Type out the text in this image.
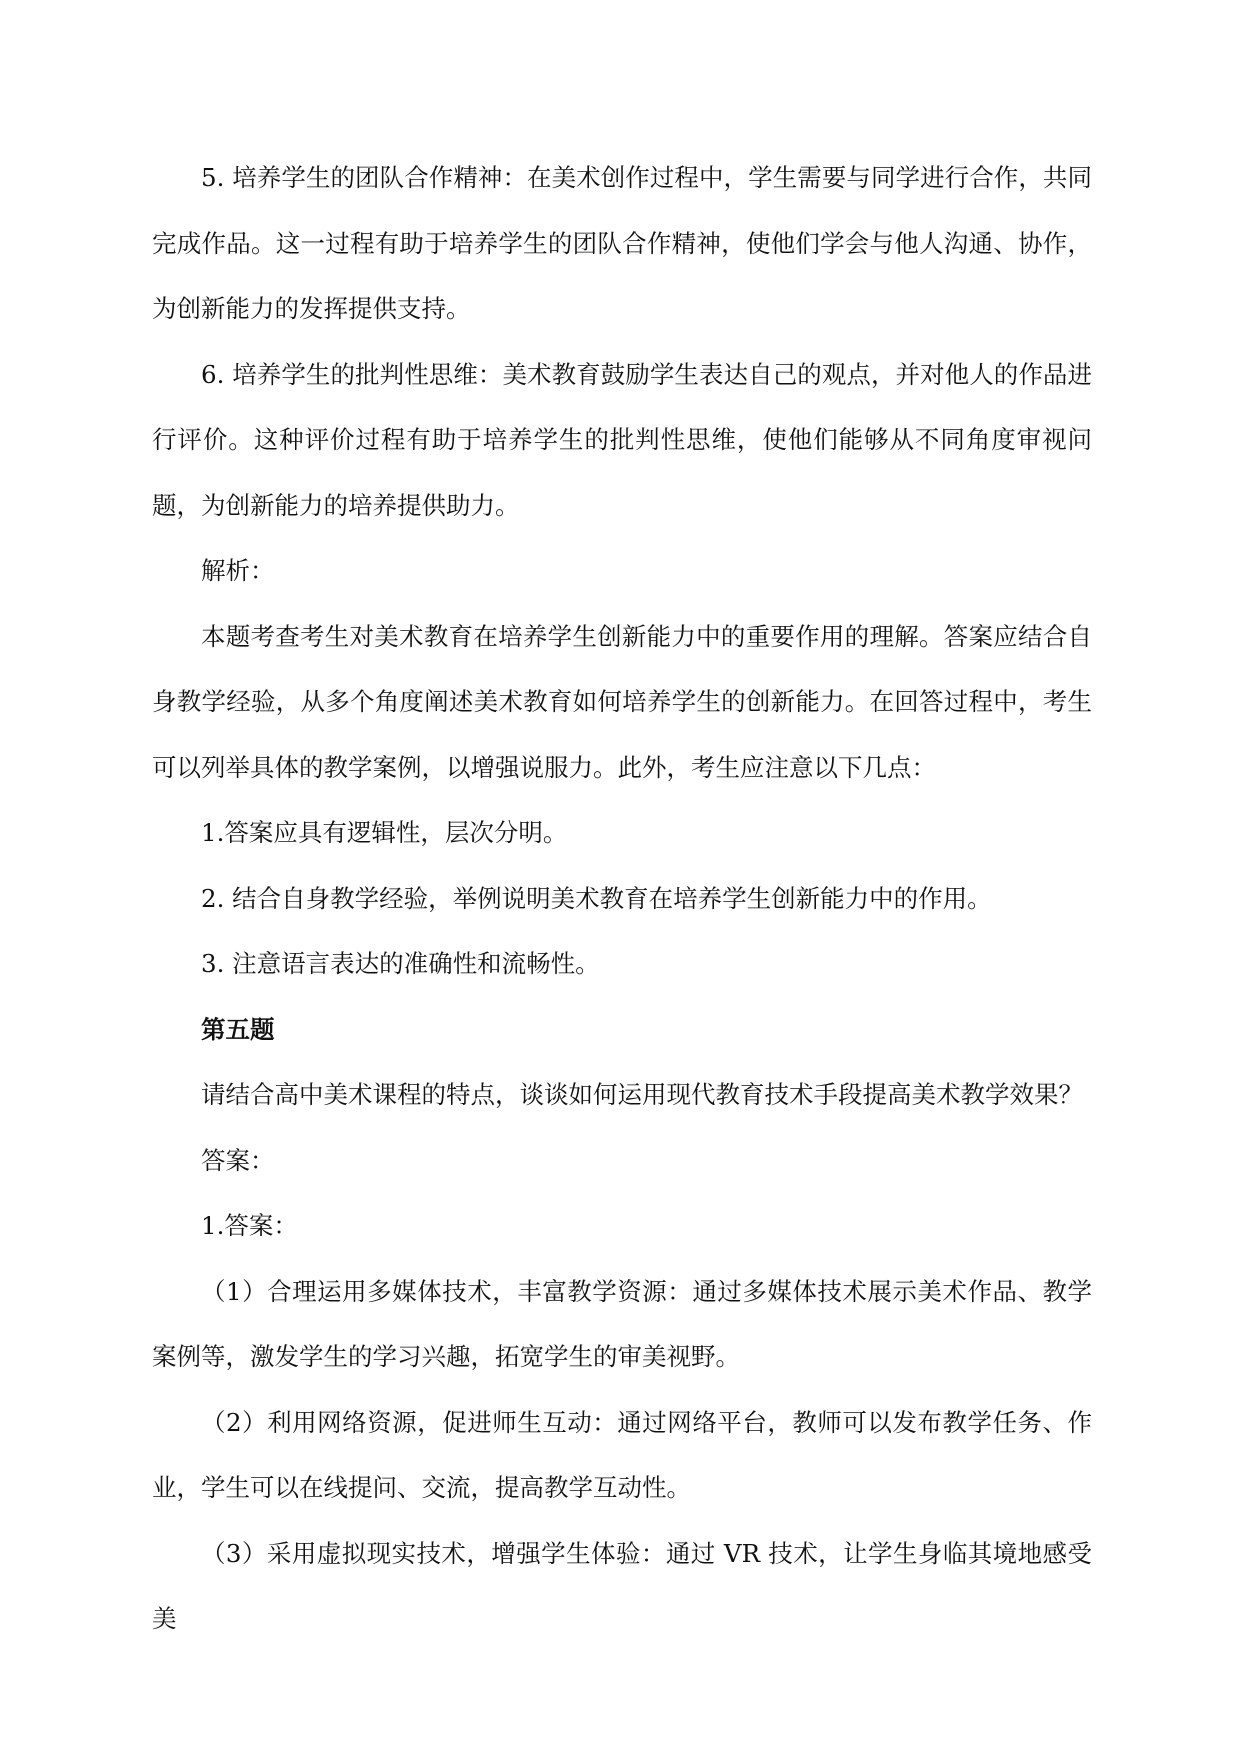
5. 培养学生的团队合作精神：在美术创作过程中，学生需要与同学进行合作，共同完成作品。这一过程有助于培养学生的团队合作精神，使他们学会与他人沟通、协作，为创新能力的发挥提供支持。

6. 培养学生的批判性思维：美术教育鼓励学生表达自己的观点，并对他人的作品进行评价。这种评价过程有助于培养学生的批判性思维，使他们能够从不同角度审视问题，为创新能力的培养提供助力。

解析：

本题考查考生对美术教育在培养学生创新能力中的重要作用的理解。答案应结合自身教学经验，从多个角度阐述美术教育如何培养学生的创新能力。在回答过程中，考生可以列举具体的教学案例，以增强说服力。此外，考生应注意以下几点：

1.答案应具有逻辑性，层次分明。

2. 结合自身教学经验，举例说明美术教育在培养学生创新能力中的作用。

3. 注意语言表达的准确性和流畅性。

第五题

请结合高中美术课程的特点，谈谈如何运用现代教育技术手段提高美术教学效果？

答案：

1.答案：

（1）合理运用多媒体技术，丰富教学资源：通过多媒体技术展示美术作品、教学案例等，激发学生的学习兴趣，拓宽学生的审美视野。

（2）利用网络资源，促进师生互动：通过网络平台，教师可以发布教学任务、作业，学生可以在线提问、交流，提高教学互动性。

（3）采用虚拟现实技术，增强学生体验：通过 VR 技术，让学生身临其境地感受美
